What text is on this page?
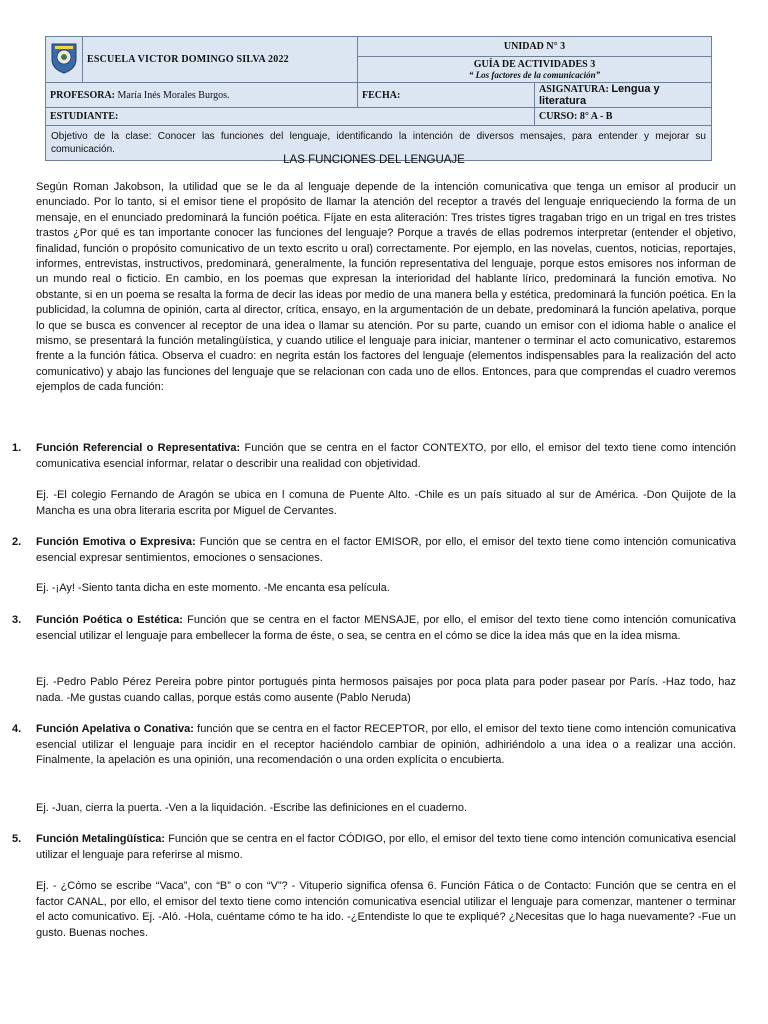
	ESCUELA VICTOR DOMINGO SILVA 2022	UNIDAD N° 3	

		GUÍA DE ACTIVIDADES 3
“ Los factores de la comunicación”	

PROFESORA: María Inés Morales Burgos.		FECHA:	ASIGNATURA: Lengua y literatura
ESTUDIANTE:			CURSO: 8° A - B
Objetivo de la clase: Conocer las funciones del lenguaje, identificando la intención de diversos mensajes, para entender y mejorar su comunicación.			
LAS FUNCIONES DEL LENGUAJE

Según Roman Jakobson, la utilidad que se le da al lenguaje depende de la intención comunicativa que tenga un emisor al producir un enunciado. Por lo tanto, si el emisor tiene el propósito de llamar la atención del receptor a través del lenguaje enriqueciendo la forma de un mensaje, en el enunciado predominará la función poética. Fíjate en esta aliteración: Tres tristes tigres tragaban trigo en un trigal en tres tristes trastos ¿Por qué es tan importante conocer las funciones del lenguaje? Porque a través de ellas podremos interpretar (entender el objetivo, finalidad, función o propósito comunicativo de un texto escrito u oral) correctamente. Por ejemplo, en las novelas, cuentos, noticias, reportajes, informes, entrevistas, instructivos, predominará, generalmente, la función representativa del lenguaje, porque estos emisores nos informan de un mundo real o ficticio. En cambio, en los poemas que expresan la interioridad del hablante lírico, predominará la función emotiva. No obstante, si en un poema se resalta la forma de decir las ideas por medio de una manera bella y estética, predominará la función poética. En la publicidad, la columna de opinión, carta al director, crítica, ensayo, en la argumentación de un debate, predominará la función apelativa, porque lo que se busca es convencer al receptor de una idea o llamar su atención. Por su parte, cuando un emisor con el idioma hable o analice el mismo, se presentará la función metalingüística, y cuando utilice el lenguaje para iniciar, mantener o terminar el acto comunicativo, estaremos frente a la función fática. Observa el cuadro: en negrita están los factores del lenguaje (elementos indispensables para la realización del acto comunicativo) y abajo las funciones del lenguaje que se relacionan con cada uno de ellos. Entonces, para que comprendas el cuadro veremos ejemplos de cada función:

1. Función Referencial o Representativa: Función que se centra en el factor CONTEXTO, por ello, el emisor del texto tiene como intención comunicativa esencial informar, relatar o describir una realidad con objetividad.

Ej. -El colegio Fernando de Aragón se ubica en l comuna de Puente Alto. -Chile es un país situado al sur de América. -Don Quijote de la Mancha es una obra literaria escrita por Miguel de Cervantes.

2. Función Emotiva o Expresiva: Función que se centra en el factor EMISOR, por ello, el emisor del texto tiene como intención comunicativa esencial expresar sentimientos, emociones o sensaciones.

Ej. -¡Ay! -Siento tanta dicha en este momento. -Me encanta esa película.

3. Función Poética o Estética: Función que se centra en el factor MENSAJE, por ello, el emisor del texto tiene como intención comunicativa esencial utilizar el lenguaje para embellecer la forma de éste, o sea, se centra en el cómo se dice la idea más que en la idea misma.

Ej. -Pedro Pablo Pérez Pereira pobre pintor portugués pinta hermosos paisajes por poca plata para poder pasear por París. -Haz todo, haz nada. -Me gustas cuando callas, porque estás como ausente (Pablo Neruda)

4. Función Apelativa o Conativa: función que se centra en el factor RECEPTOR, por ello, el emisor del texto tiene como intención comunicativa esencial utilizar el lenguaje para incidir en el receptor haciéndolo cambiar de opinión, adhiriéndolo a una idea o a realizar una acción. Finalmente, la apelación es una opinión, una recomendación o una orden explícita o encubierta.

Ej. -Juan, cierra la puerta. -Ven a la liquidación. -Escribe las definiciones en el cuaderno.

5. Función Metalingüística: Función que se centra en el factor CÓDIGO, por ello, el emisor del texto tiene como intención comunicativa esencial utilizar el lenguaje para referirse al mismo.

Ej. - ¿Cómo se escribe “Vaca”, con “B” o con “V”? - Vituperio significa ofensa 6. Función Fática o de Contacto: Función que se centra en el factor CANAL, por ello, el emisor del texto tiene como intención comunicativa esencial utilizar el lenguaje para comenzar, mantener o terminar el acto comunicativo. Ej. -Aló. -Hola, cuéntame cómo te ha ido. -¿Entendiste lo que te expliqué? ¿Necesitas que lo haga nuevamente? -Fue un gusto. Buenas noches.
